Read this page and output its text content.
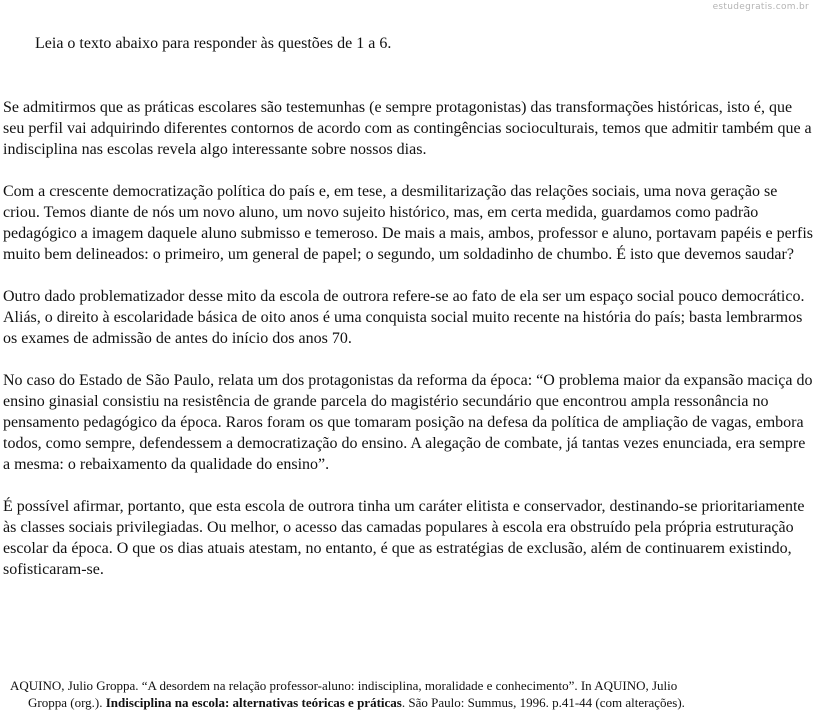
estudegratis.com.br

Leia o texto abaixo para responder às questões de 1 a 6.

Se admitirmos que as práticas escolares são testemunhas (e sempre protagonistas) das transformações históricas, isto é, que seu perfil vai adquirindo diferentes contornos de acordo com as contingências socioculturais, temos que admitir também que a indisciplina nas escolas revela algo interessante sobre nossos dias.

Com a crescente democratização política do país e, em tese, a desmilitarização das relações sociais, uma nova geração se criou. Temos diante de nós um novo aluno, um novo sujeito histórico, mas, em certa medida, guardamos como padrão pedagógico a imagem daquele aluno submisso e temeroso. De mais a mais, ambos, professor e aluno, portavam papéis e perfis muito bem delineados: o primeiro, um general de papel; o segundo, um soldadinho de chumbo. É isto que devemos saudar?

Outro dado problematizador desse mito da escola de outrora refere-se ao fato de ela ser um espaço social pouco democrático. Aliás, o direito à escolaridade básica de oito anos é uma conquista social muito recente na história do país; basta lembrarmos os exames de admissão de antes do início dos anos 70.

No caso do Estado de São Paulo, relata um dos protagonistas da reforma da época: “O problema maior da expansão maciça do ensino ginasial consistiu na resistência de grande parcela do magistério secundário que encontrou ampla ressonância no pensamento pedagógico da época. Raros foram os que tomaram posição na defesa da política de ampliação de vagas, embora todos, como sempre, defendessem a democratização do ensino. A alegação de combate, já tantas vezes enunciada, era sempre a mesma: o rebaixamento da qualidade do ensino”.

É possível afirmar, portanto, que esta escola de outrora tinha um caráter elitista e conservador, destinando-se prioritariamente às classes sociais privilegiadas. Ou melhor, o acesso das camadas populares à escola era obstruído pela própria estruturação escolar da época. O que os dias atuais atestam, no entanto, é que as estratégias de exclusão, além de continuarem existindo, sofisticaram-se.

AQUINO, Julio Groppa. “A desordem na relação professor-aluno: indisciplina, moralidade e conhecimento”. In AQUINO, Julio
Groppa (org.). Indisciplina na escola: alternativas teóricas e práticas. São Paulo: Summus, 1996. p.41-44 (com alterações).
